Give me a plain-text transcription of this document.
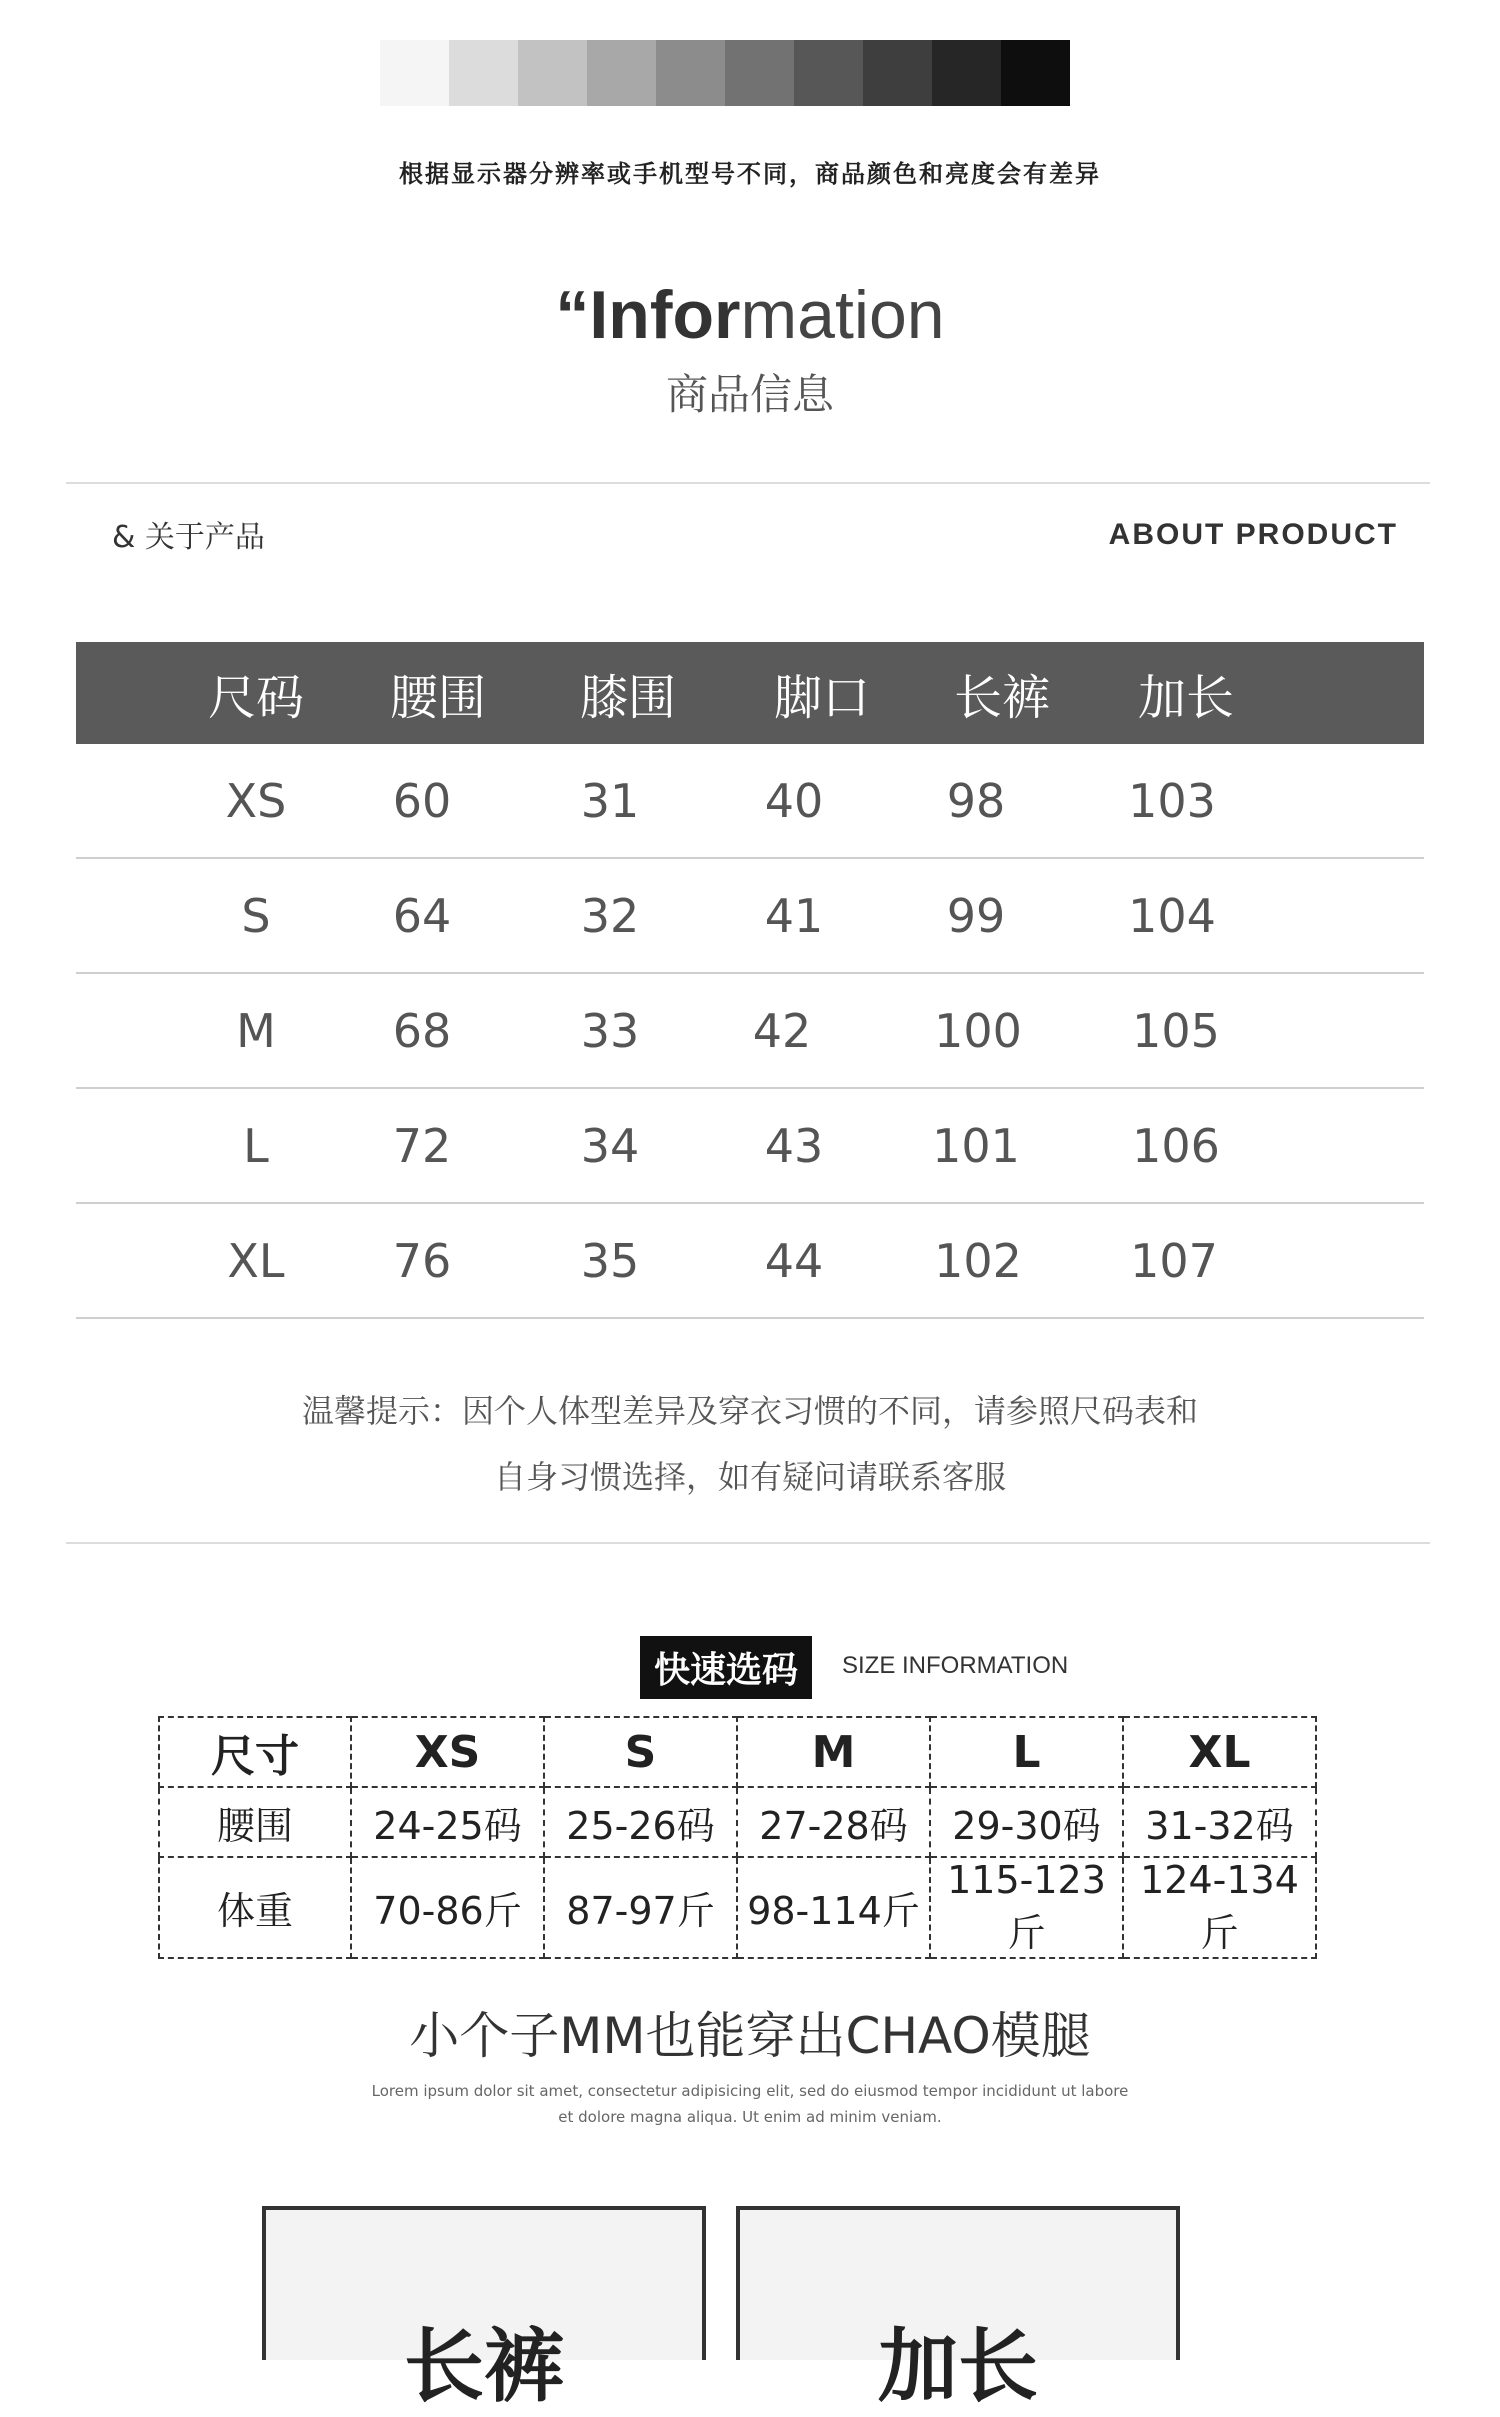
根据显示器分辨率或手机型号不同，商品颜色和亮度会有差异
“Information
商品信息
& 关于产品	ABOUT PRODUCT
尺码	腰围	膝围	脚口	长裤	加长
XS	60	31	40	98	103
S	64	32	41	99	104
M	68	33	42	100	105
L	72	34	43	101	106
XL	76	35	44	102	107
温馨提示：因个人体型差异及穿衣习惯的不同，请参照尺码表和
自身习惯选择，如有疑问请联系客服
快速选码	SIZE INFORMATION
尺寸	XS	S	M	L	XL
腰围	24-25码	25-26码	27-28码	29-30码	31-32码
体重	70-86斤	87-97斤	98-114斤	115-123斤	124-134斤
小个子MM也能穿出CHAO模腿
Lorem ipsum dolor sit amet, consectetur adipisicing elit, sed do eiusmod tempor incididunt ut labore
et dolore magna aliqua. Ut enim ad minim veniam.
长裤	加长
